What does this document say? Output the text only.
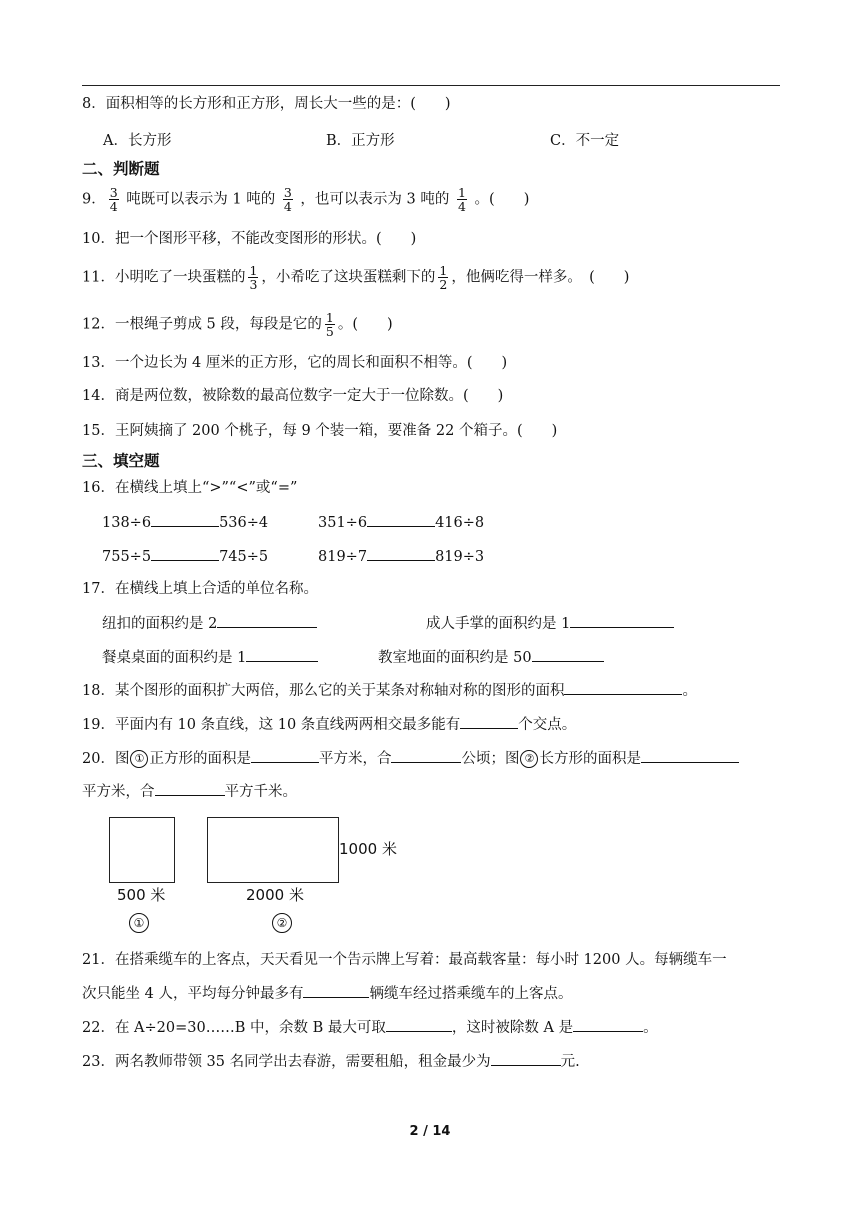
8．面积相等的长方形和正方形，周长大一些的是：(　　)
A．长方形	B．正方形	C．不一定
二、判断题
9． $\frac{3}{4}$ 吨既可以表示为 1 吨的 $\frac{3}{4}$ ，也可以表示为 3 吨的 $\frac{1}{4}$ 。(　　)
10．把一个图形平移，不能改变图形的形状。(　　)
11．小明吃了一块蛋糕的 $\frac{1}{3}$ ，小希吃了这块蛋糕剩下的 $\frac{1}{2}$ ，他俩吃得一样多。　(　　)
12．一根绳子剪成 5 段，每段是它的 $\frac{1}{5}$ 。(　　)
13．一个边长为 4 厘米的正方形，它的周长和面积不相等。(　　)
14．商是两位数，被除数的最高位数字一定大于一位除数。(　　)
15．王阿姨摘了 200 个桃子，每 9 个装一箱，要准备 22 个箱子。(　　)
三、填空题
16．在横线上填上“>”“<”或“=”
138÷6	536÷4	351÷6	416÷8
755÷5	745÷5	819÷7	819÷3
17．在横线上填上合适的单位名称。
纽扣的面积约是 2	成人手掌的面积约是 1
餐桌桌面的面积约是 1	教室地面的面积约是 50
18．某个图形的面积扩大两倍，那么它的关于某条对称轴对称的图形的面积	。
19．平面内有 10 条直线，这 10 条直线两两相交最多能有	个交点。
20．图 ① 正方形的面积是	平方米，合	公顷；图 ② 长方形的面积是
平方米，合	平方千米。
1000 米
500 米	2000 米
①	②
21．在搭乘缆车的上客点，天天看见一个告示牌上写着：最高载客量：每小时 1200 人。每辆缆车一
次只能坐 4 人，平均每分钟最多有	辆缆车经过搭乘缆车的上客点。
22．在 A÷20=30……B 中，余数 B 最大可取	，这时被除数 A 是	。
23．两名教师带领 35 名同学出去春游，需要租船，租金最少为	元.
2 / 14
